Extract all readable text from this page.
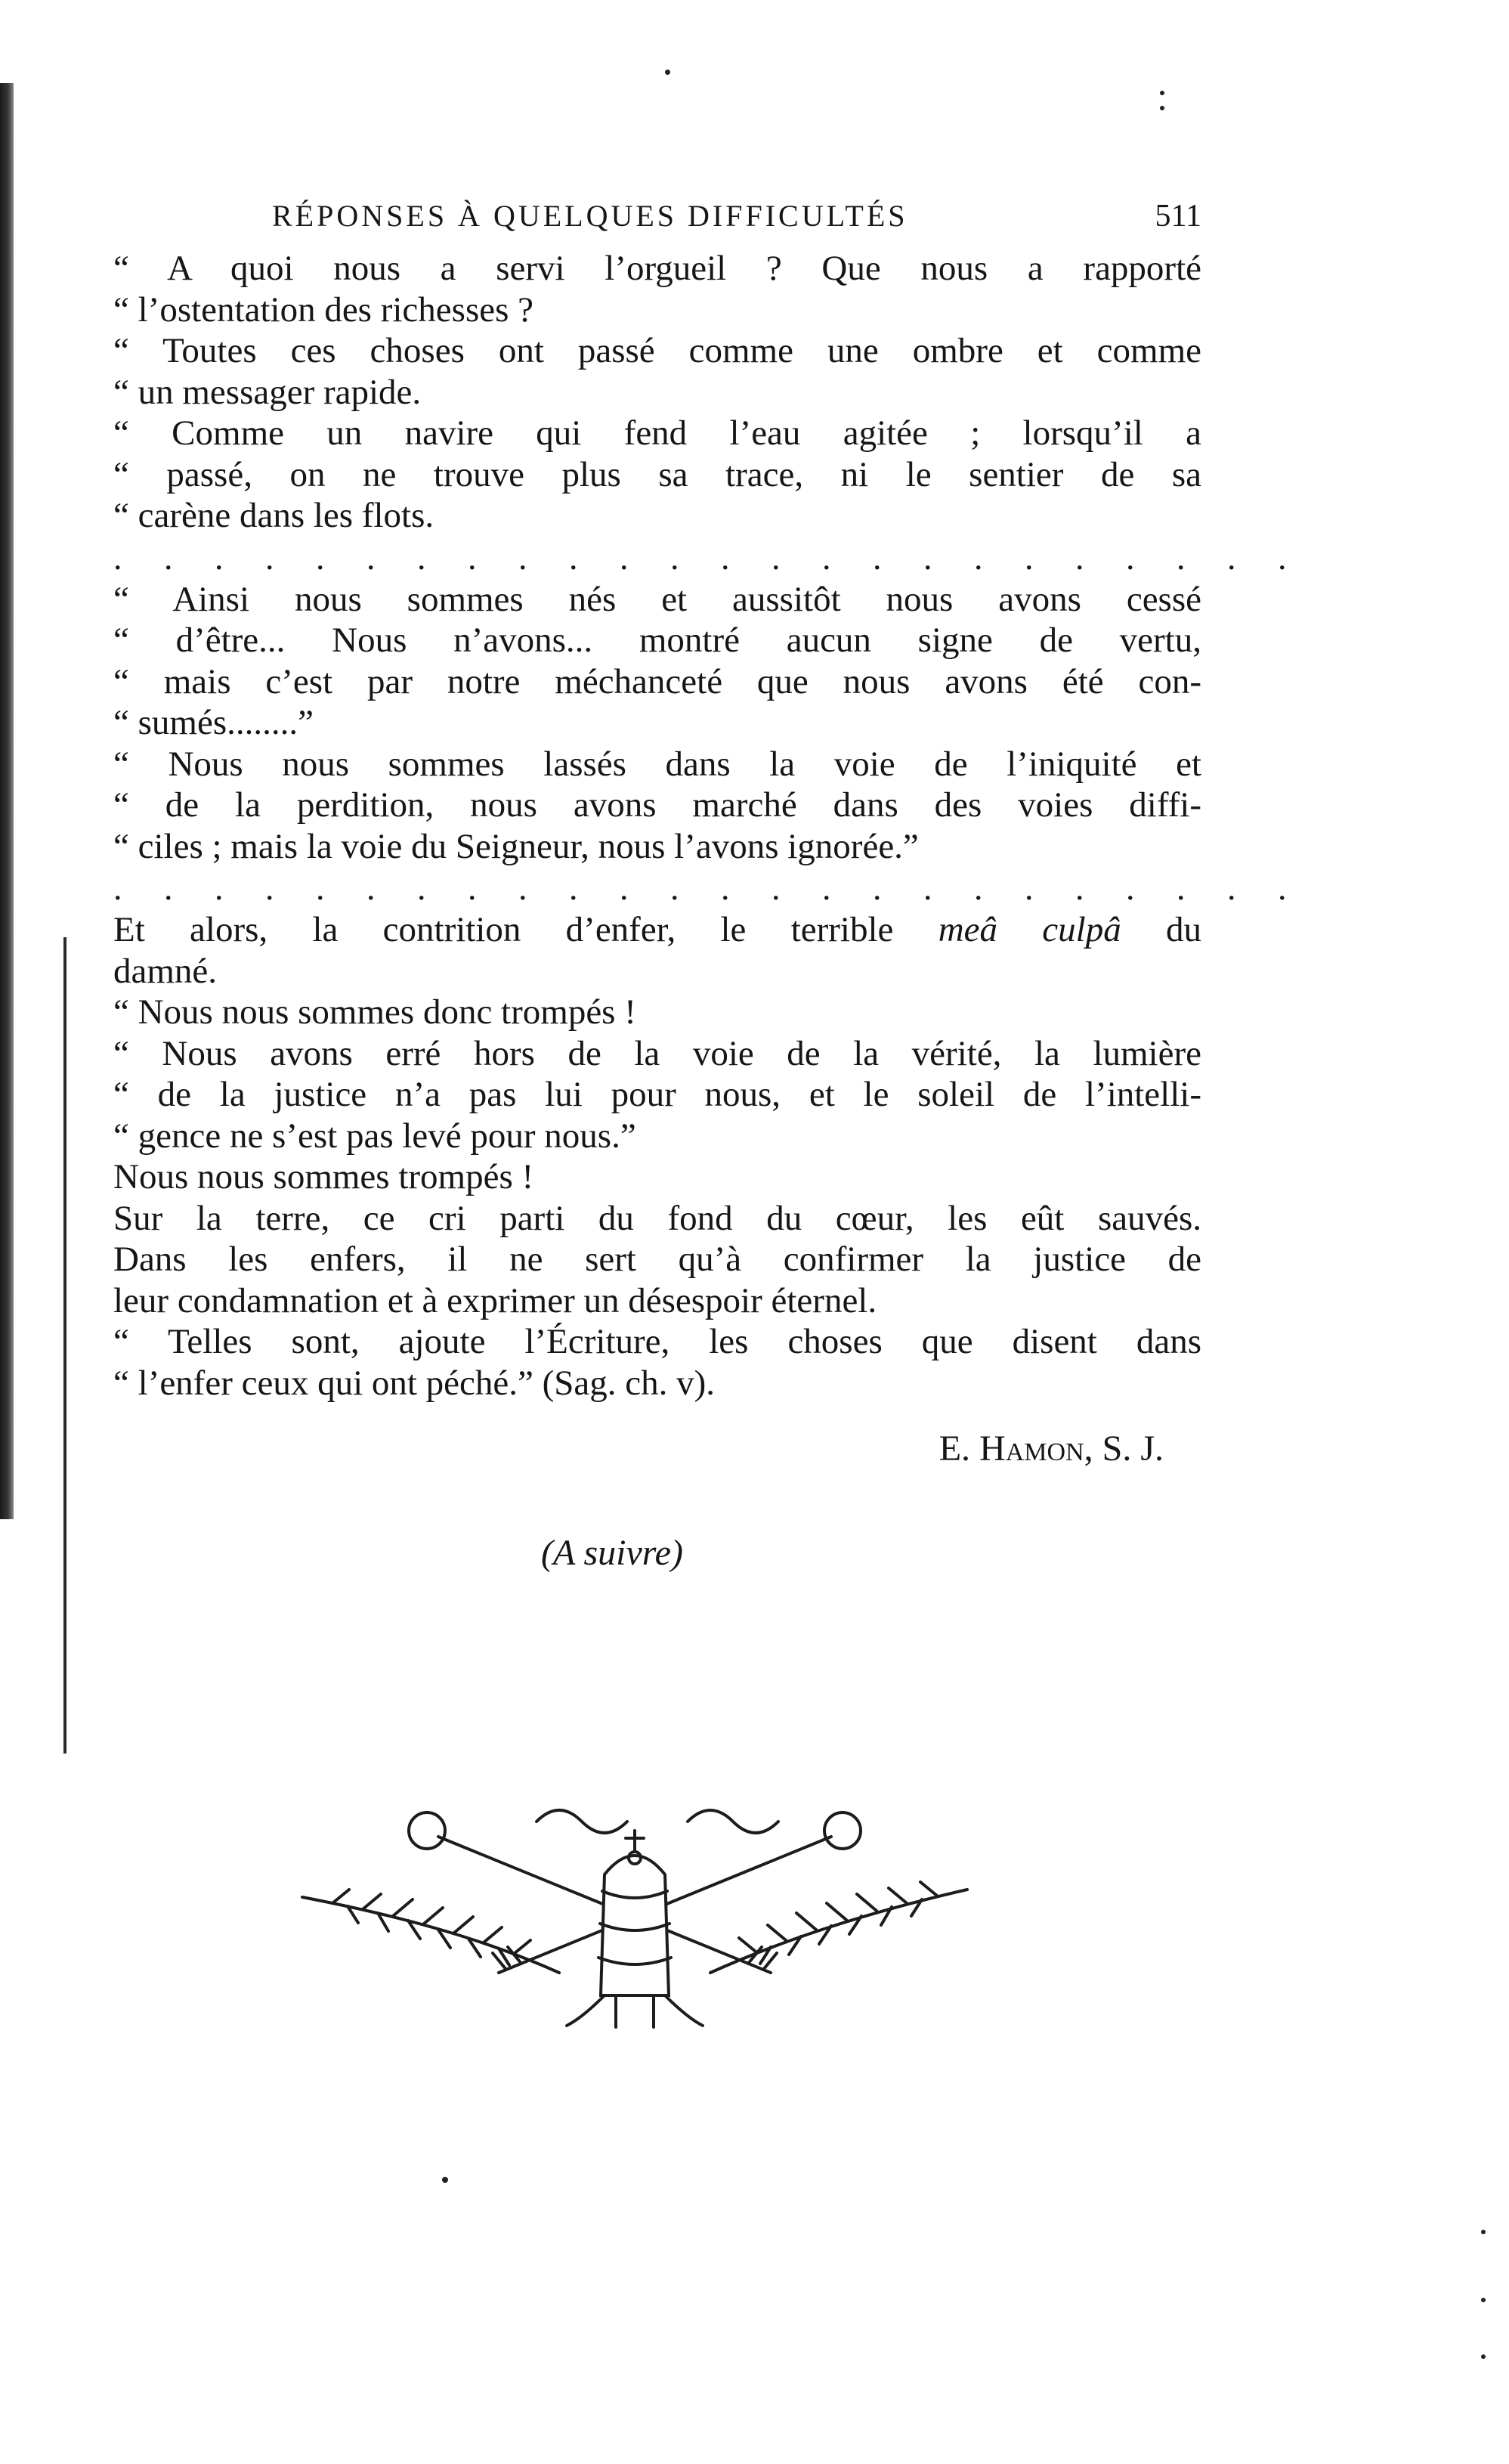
RÉPONSES À QUELQUES DIFFICULTÉS	511
“ A quoi nous a servi l’orgueil ? Que nous a rapporté
“ l’ostentation des richesses ?
“ Toutes ces choses ont passé comme une ombre et comme
“ un messager rapide.
“ Comme un navire qui fend l’eau agitée ; lorsqu’il a
“ passé, on ne trouve plus sa trace, ni le sentier de sa
“ carène dans les flots.
. . . . . . . . . . . . . . . . . . . . . . . .
“ Ainsi nous sommes nés et aussitôt nous avons cessé
“ d’être... Nous n’avons... montré aucun signe de vertu,
“ mais c’est par notre méchanceté que nous avons été con-
“ sumés........”
“ Nous nous sommes lassés dans la voie de l’iniquité et
“ de la perdition, nous avons marché dans des voies diffi-
“ ciles ; mais la voie du Seigneur, nous l’avons ignorée.”
. . . . . . . . . . . . . . . . . . . . . . . .
Et alors, la contrition d’enfer, le terrible meâ culpâ du
damné.
“ Nous nous sommes donc trompés !
“ Nous avons erré hors de la voie de la vérité, la lumière
“ de la justice n’a pas lui pour nous, et le soleil de l’intelli-
“ gence ne s’est pas levé pour nous.”
Nous nous sommes trompés !
Sur la terre, ce cri parti du fond du cœur, les eût sauvés.
Dans les enfers, il ne sert qu’à confirmer la justice de
leur condamnation et à exprimer un désespoir éternel.
“ Telles sont, ajoute l’Écriture, les choses que disent dans
“ l’enfer ceux qui ont péché.” (Sag. ch. v).
E. Hamon, S. J.
(A suivre)
